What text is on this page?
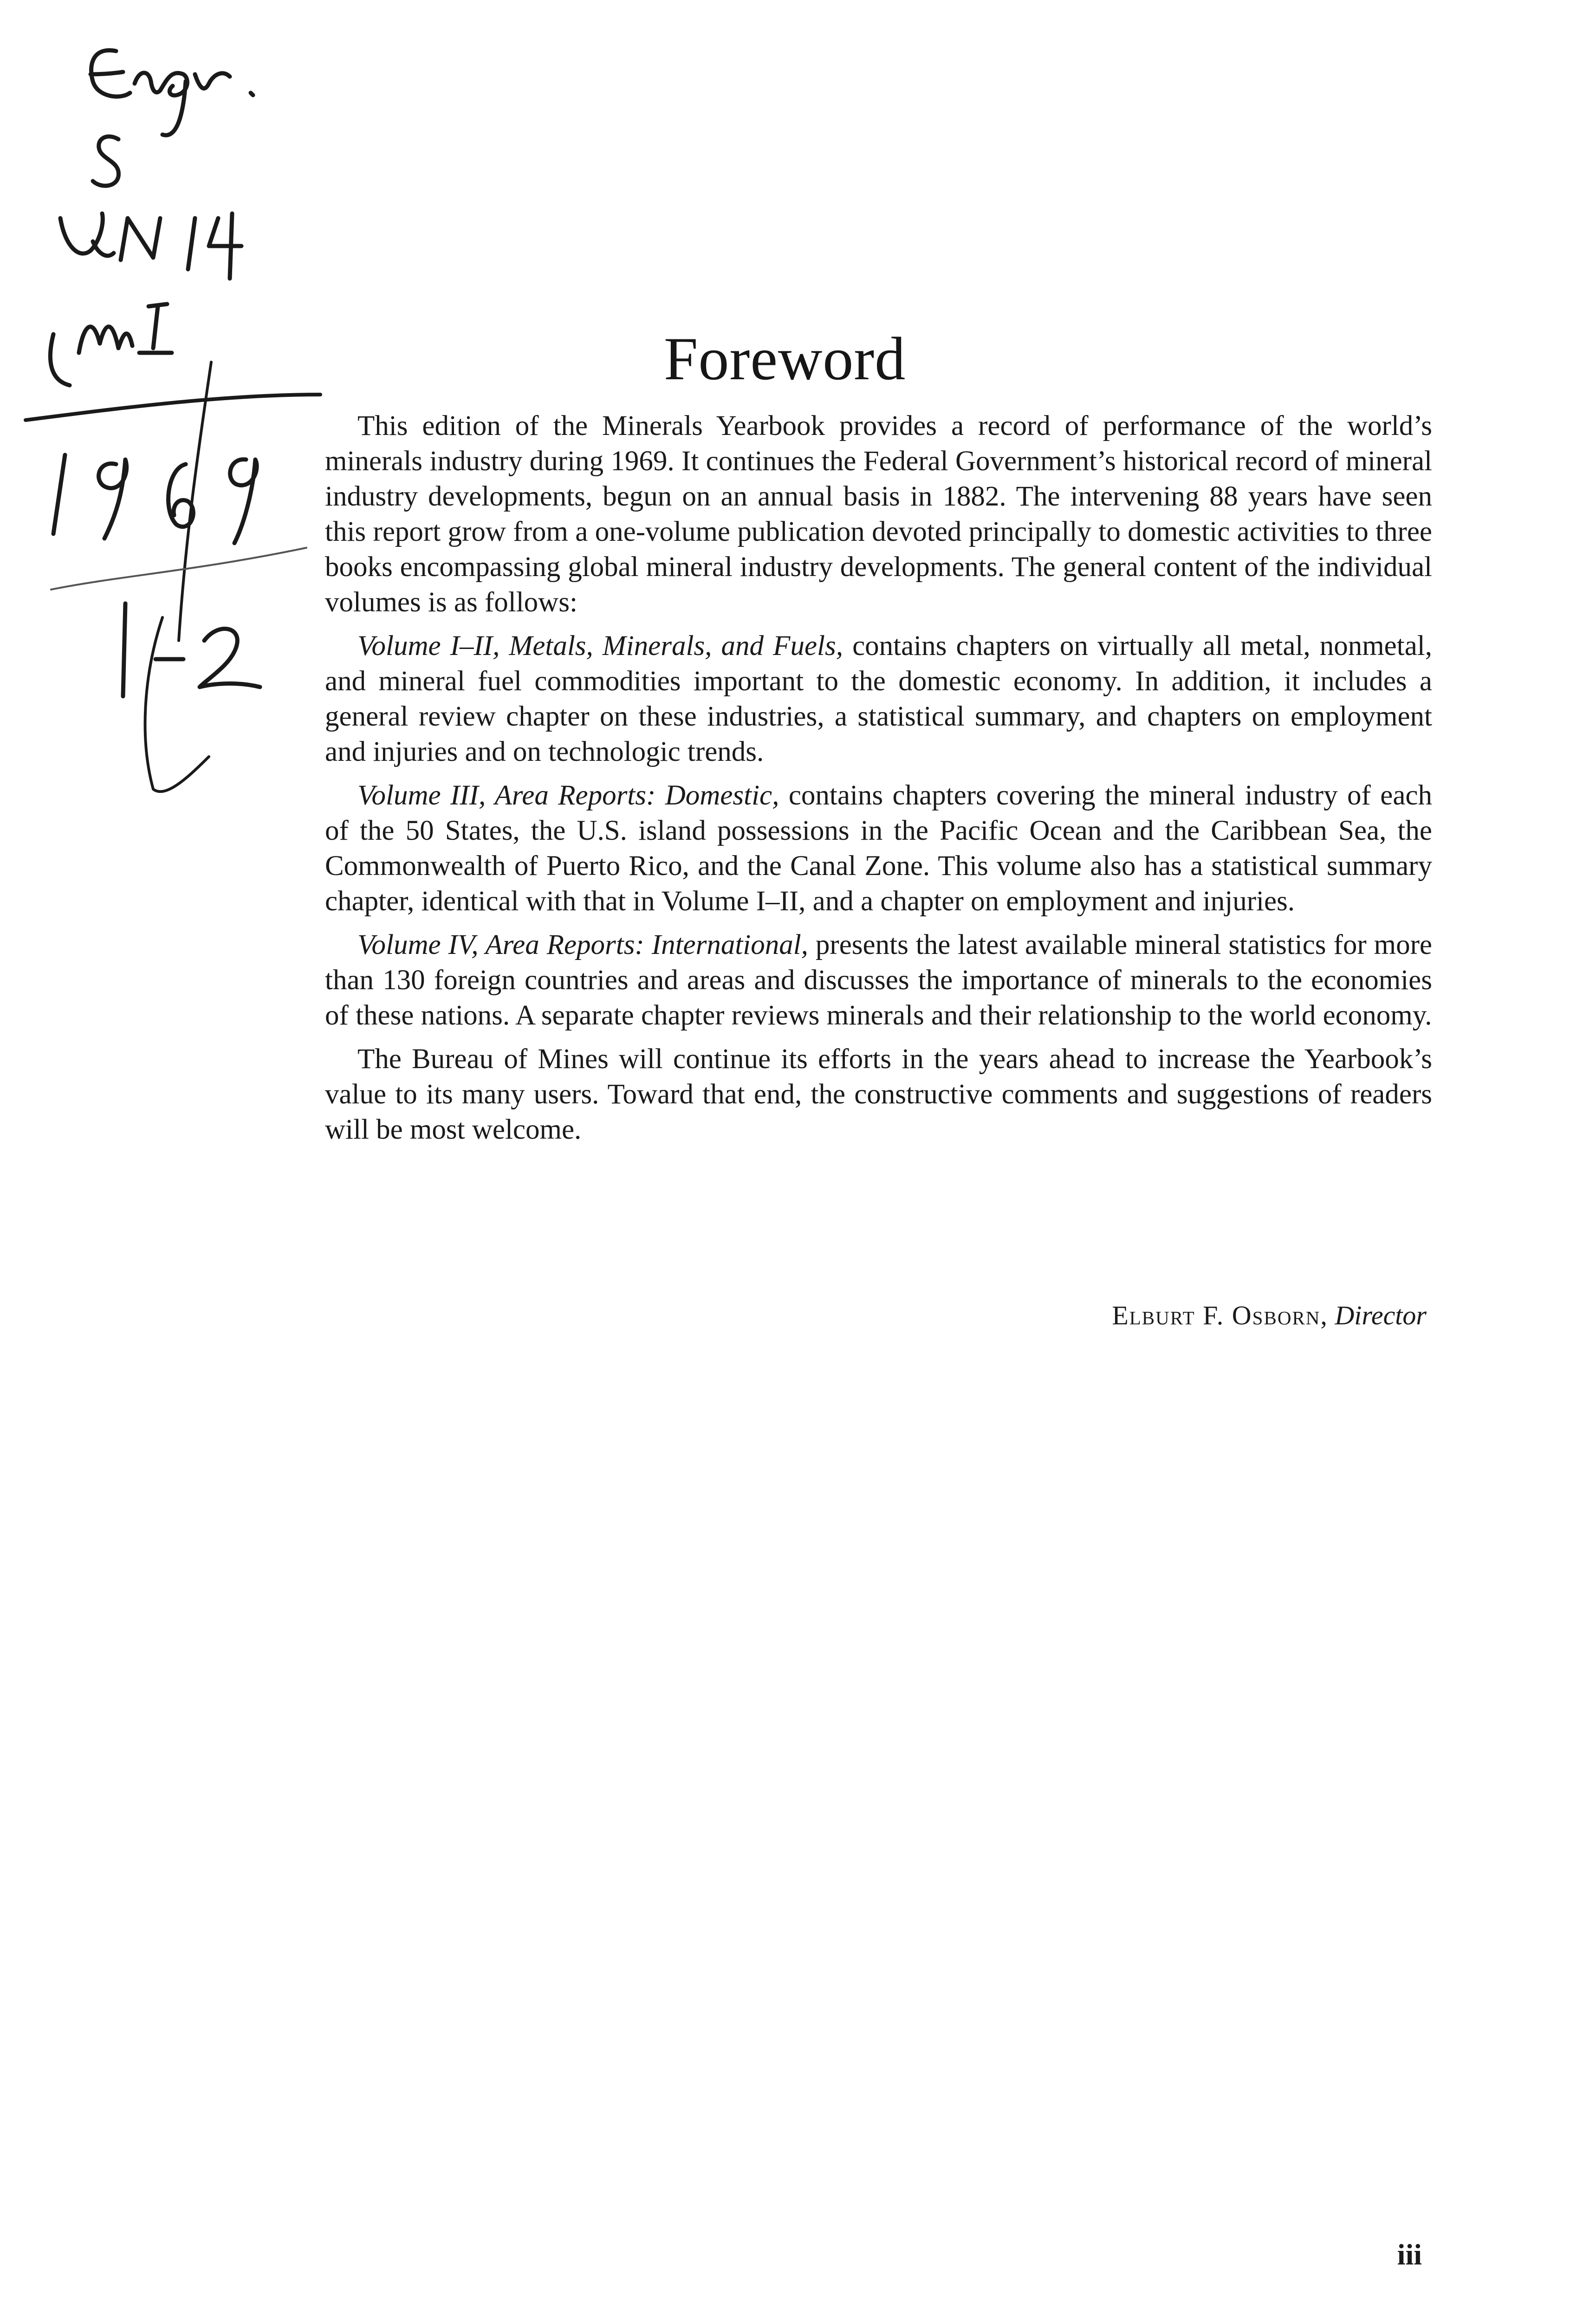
Foreword

This edition of the Minerals Yearbook provides a record of performance of the world’s minerals industry during 1969. It continues the Federal Government’s historical record of mineral industry developments, begun on an annual basis in 1882. The intervening 88 years have seen this report grow from a one-volume publication devoted principally to domestic activities to three books encompassing global mineral industry developments. The general content of the individual volumes is as follows:

Volume I–II, Metals, Minerals, and Fuels, contains chapters on virtually all metal, nonmetal, and mineral fuel commodities important to the domestic economy. In addition, it includes a general review chapter on these industries, a statistical summary, and chapters on employment and injuries and on technologic trends.

Volume III, Area Reports: Domestic, contains chapters covering the mineral industry of each of the 50 States, the U.S. island possessions in the Pacific Ocean and the Caribbean Sea, the Commonwealth of Puerto Rico, and the Canal Zone. This volume also has a statistical summary chapter, identical with that in Volume I–II, and a chapter on employment and injuries.

Volume IV, Area Reports: International, presents the latest available mineral statistics for more than 130 foreign countries and areas and discusses the importance of minerals to the economies of these nations. A separate chapter reviews minerals and their relationship to the world economy.

The Bureau of Mines will continue its efforts in the years ahead to increase the Yearbook’s value to its many users. Toward that end, the constructive comments and suggestions of readers will be most welcome.

Elburt F. Osborn, Director
iii
